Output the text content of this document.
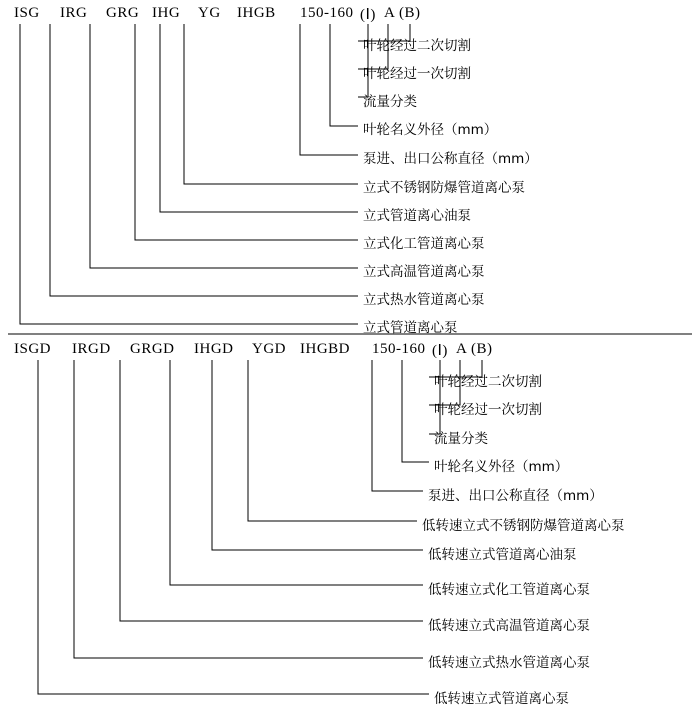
ISG IRG GRG IHG YG IHGB 150-160 (Ⅰ) A (B)
叶轮经过二次切割
叶轮经过一次切割
流量分类
叶轮名义外径（mm）
泵进、出口公称直径（mm）
立式不锈钢防爆管道离心泵
立式管道离心油泵
立式化工管道离心泵
立式高温管道离心泵
立式热水管道离心泵
立式管道离心泵
ISGD IRGD GRGD IHGD YGD IHGBD 150-160 (Ⅰ) A (B)
叶轮经过二次切割
叶轮经过一次切割
流量分类
叶轮名义外径（mm）
泵进、出口公称直径（mm）
低转速立式不锈钢防爆管道离心泵
低转速立式管道离心油泵
低转速立式化工管道离心泵
低转速立式高温管道离心泵
低转速立式热水管道离心泵
低转速立式管道离心泵
